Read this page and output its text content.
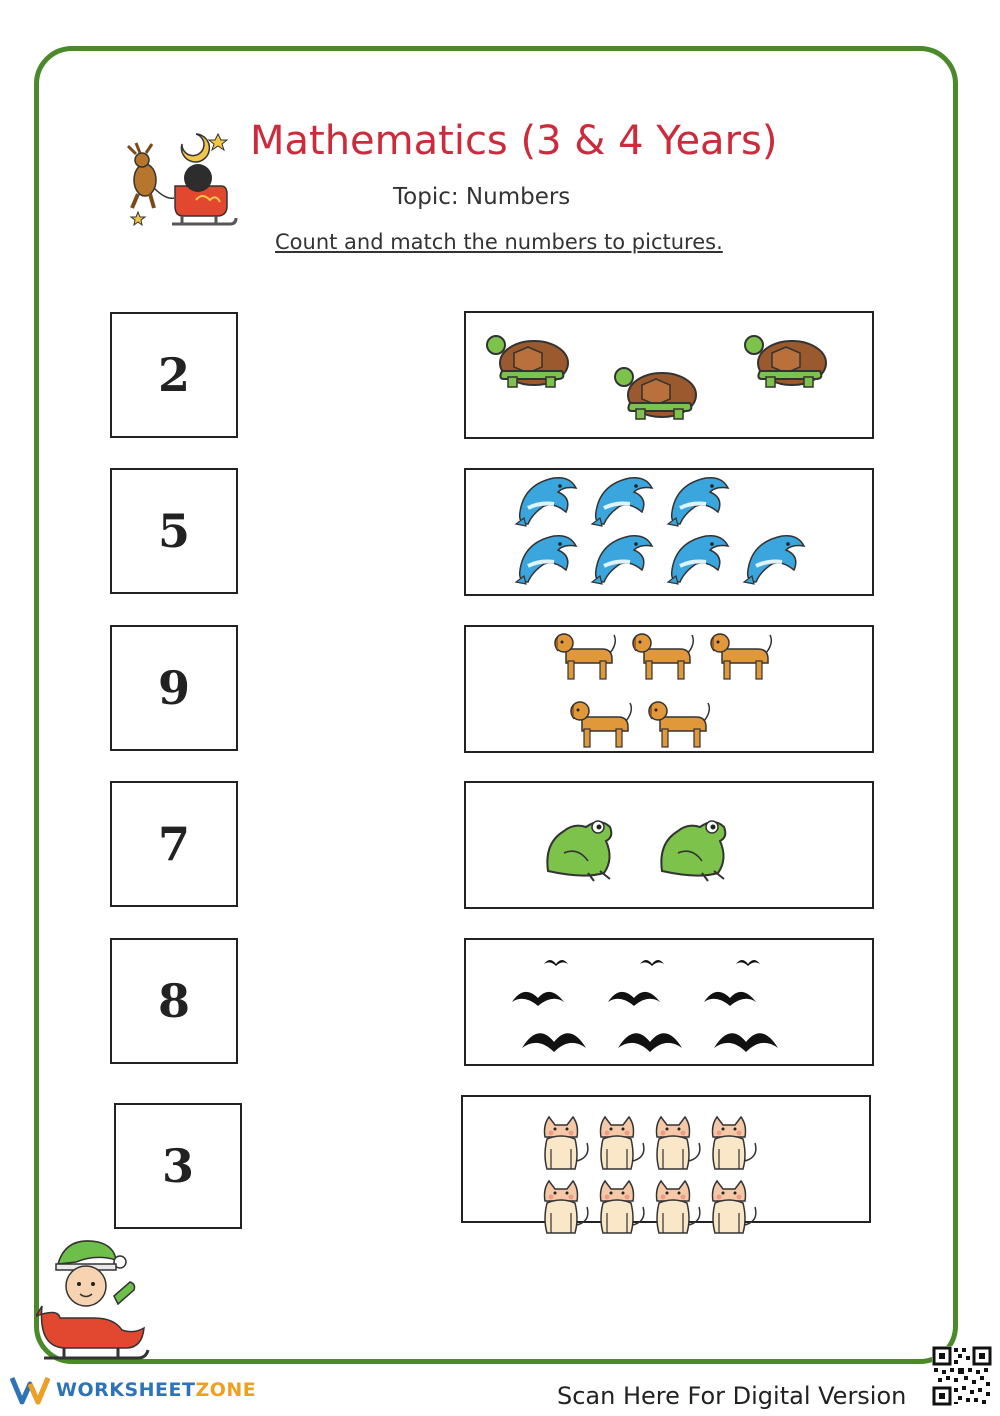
Mathematics (3 & 4 Years)
Topic: Numbers
Count and match the numbers to pictures.
2
5
9
7
8
3
WORKSHEET ZONE	Scan Here For Digital Version
